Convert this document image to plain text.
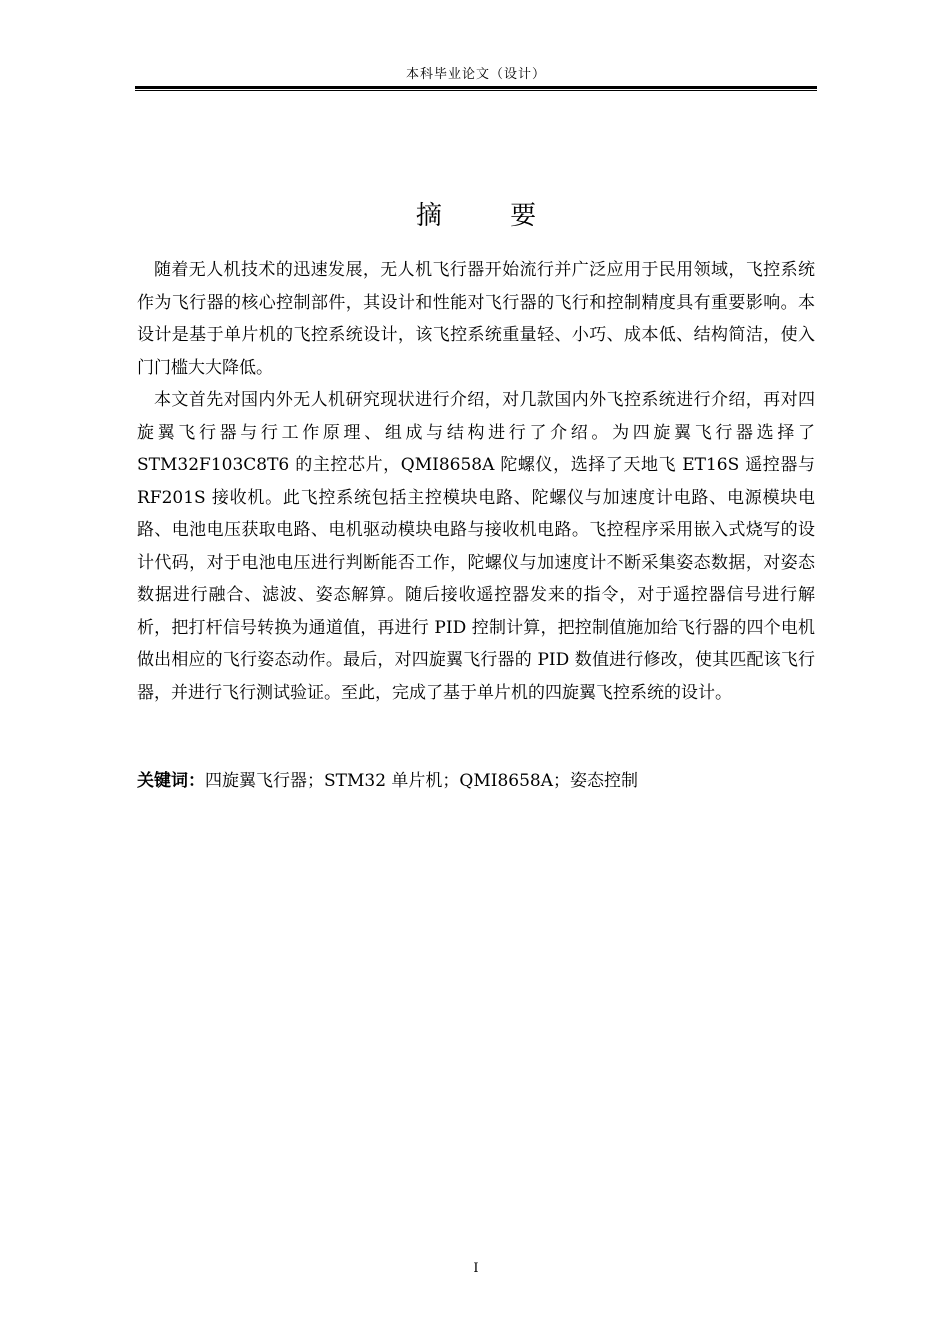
本科毕业论文（设计）
摘 要

随着无人机技术的迅速发展，无人机飞行器开始流行并广泛应用于民用领域，飞控系统作为飞行器的核心控制部件，其设计和性能对飞行器的飞行和控制精度具有重要影响。本设计是基于单片机的飞控系统设计，该飞控系统重量轻、小巧、成本低、结构简洁，使入门门槛大大降低。

本文首先对国内外无人机研究现状进行介绍，对几款国内外飞控系统进行介绍，再对四旋翼飞行器与行工作原理、组成与结构进行了介绍。为四旋翼飞行器选择了 STM32F103C8T6 的主控芯片，QMI8658A 陀螺仪，选择了天地飞 ET16S 遥控器与 RF201S 接收机。此飞控系统包括主控模块电路、陀螺仪与加速度计电路、电源模块电路、电池电压获取电路、电机驱动模块电路与接收机电路。飞控程序采用嵌入式烧写的设计代码，对于电池电压进行判断能否工作，陀螺仪与加速度计不断采集姿态数据，对姿态数据进行融合、滤波、姿态解算。随后接收遥控器发来的指令，对于遥控器信号进行解析，把打杆信号转换为通道值，再进行 PID 控制计算，把控制值施加给飞行器的四个电机做出相应的飞行姿态动作。最后，对四旋翼飞行器的 PID 数值进行修改，使其匹配该飞行器，并进行飞行测试验证。至此，完成了基于单片机的四旋翼飞控系统的设计。

关键词：四旋翼飞行器；STM32 单片机；QMI8658A；姿态控制
I
